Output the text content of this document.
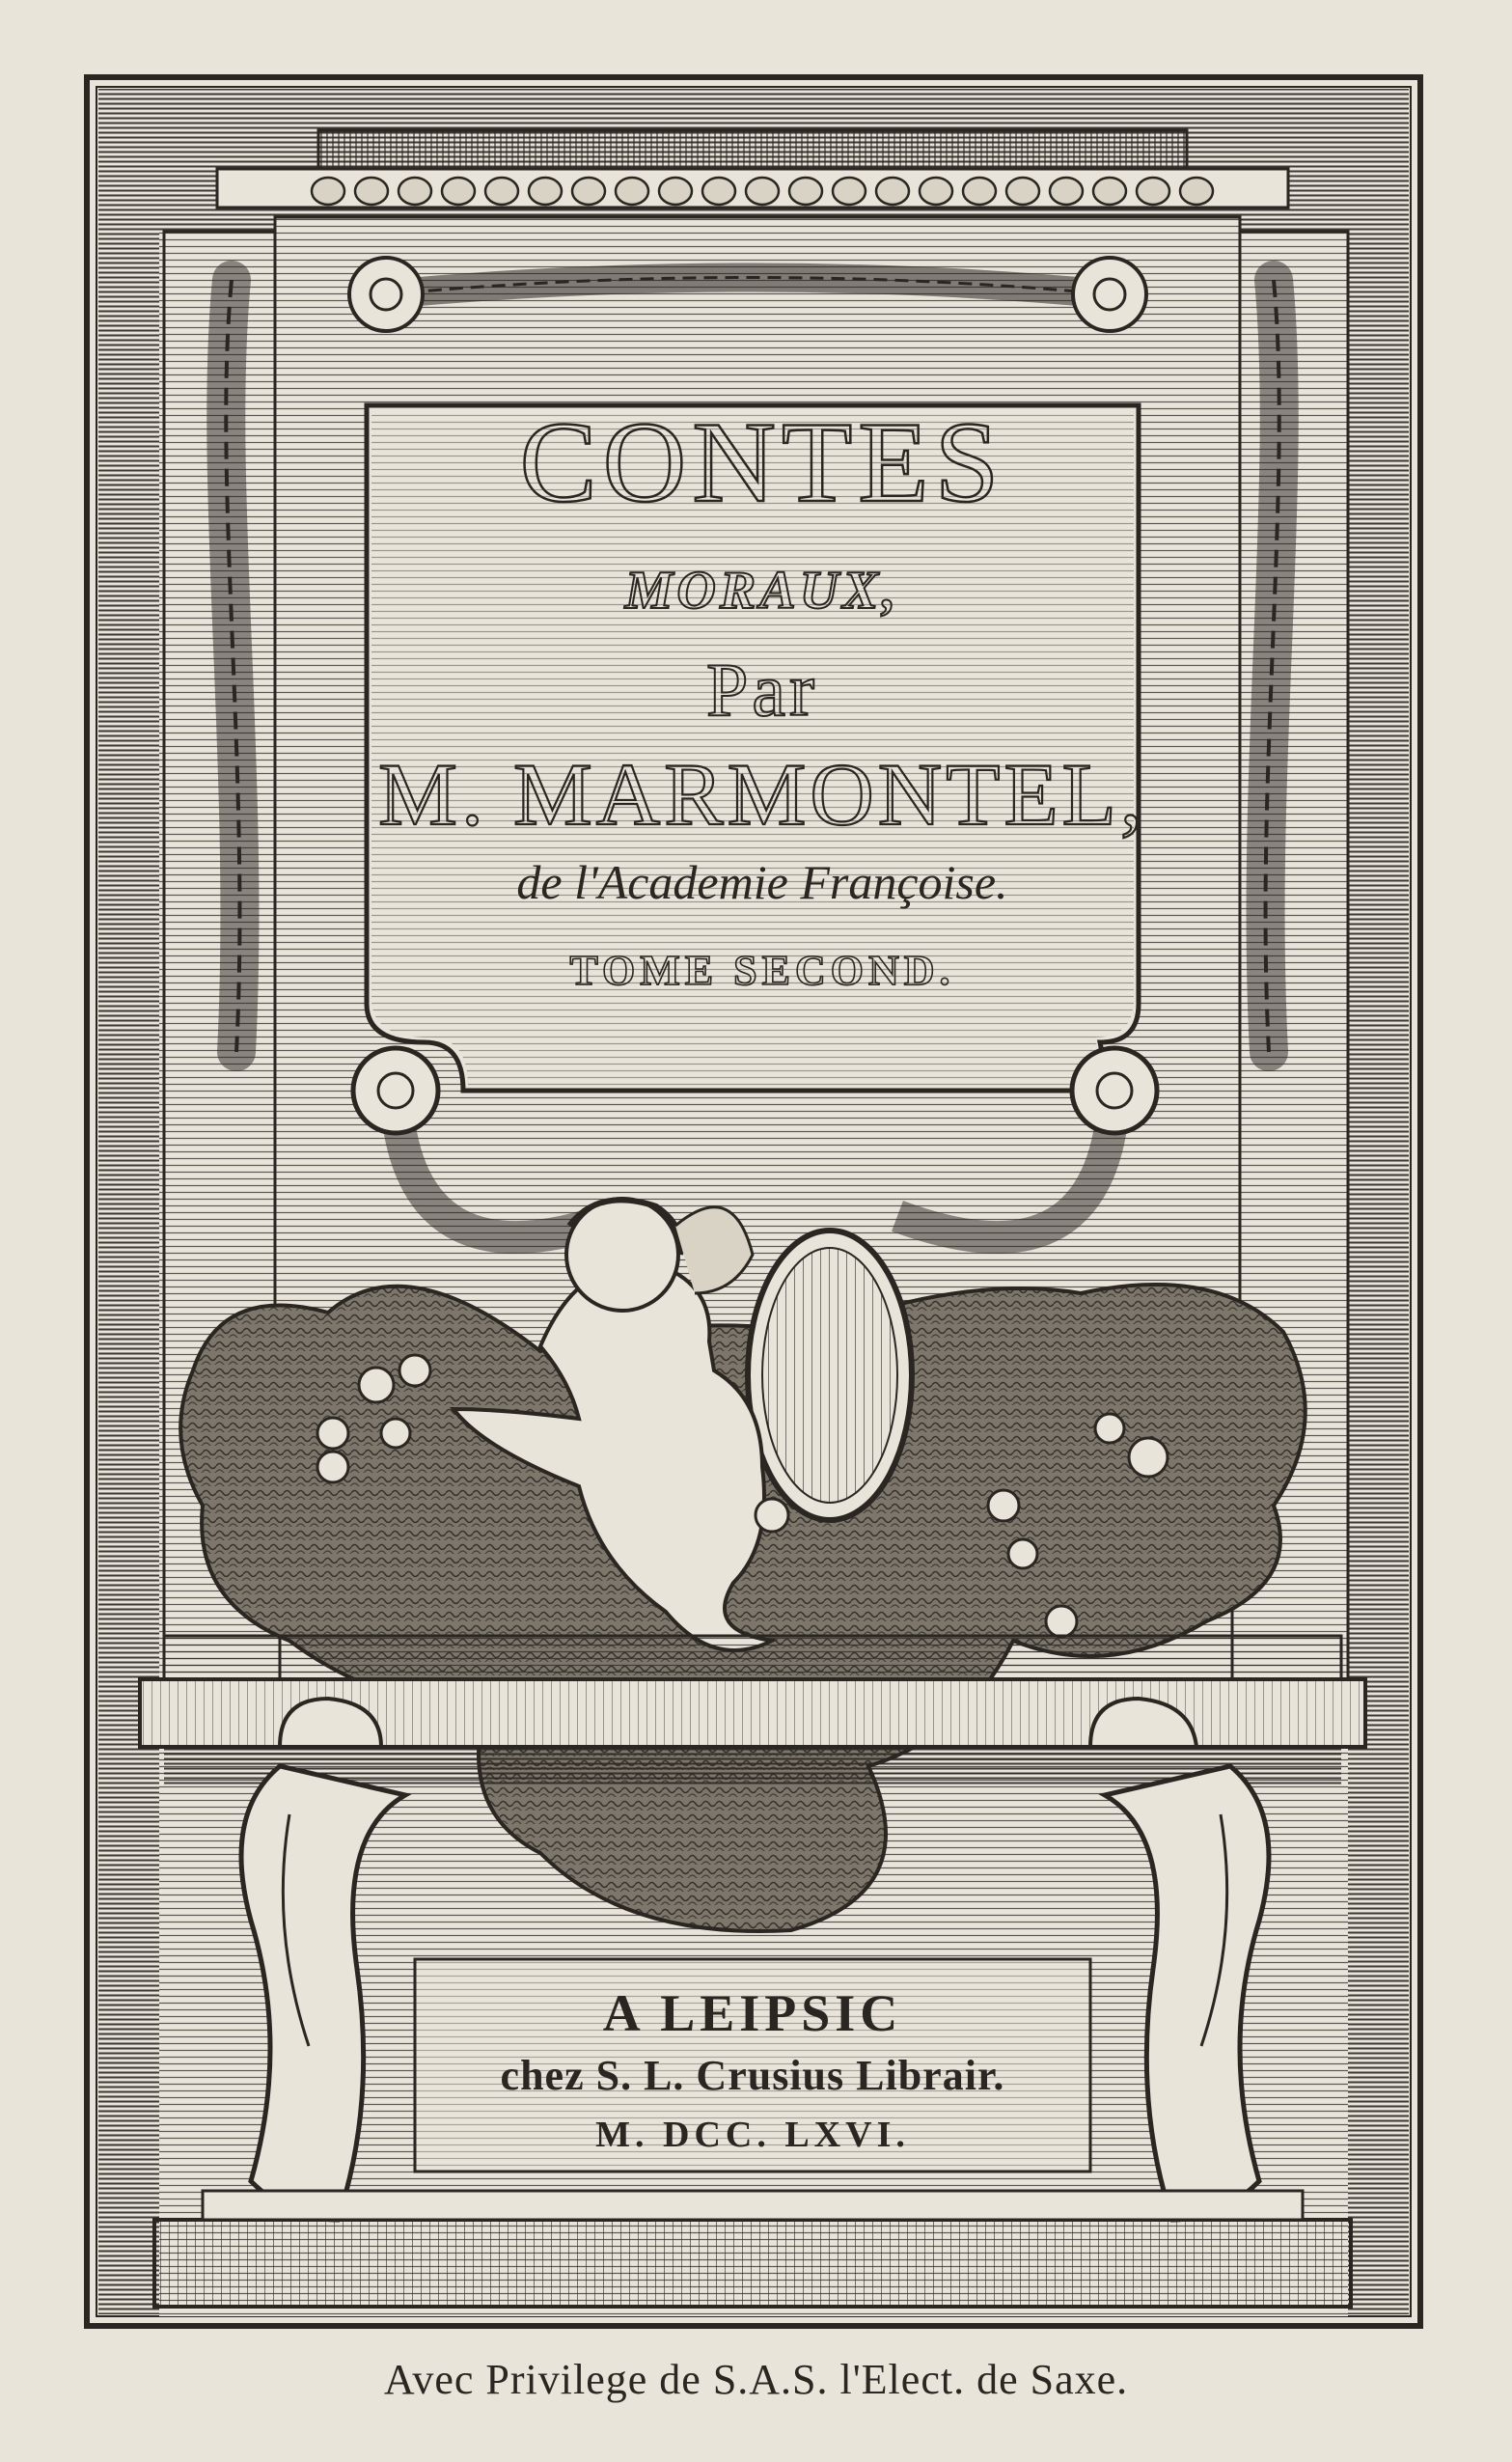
CONTES
MORAUX,
Par
M. MARMONTEL,
de l'Academie Françoise.
TOME SECOND.
A LEIPSIC
chez S. L. Crusius Librair.
M. DCC. LXVI.
Avec Privilege de S.A.S. l'Elect. de Saxe.
